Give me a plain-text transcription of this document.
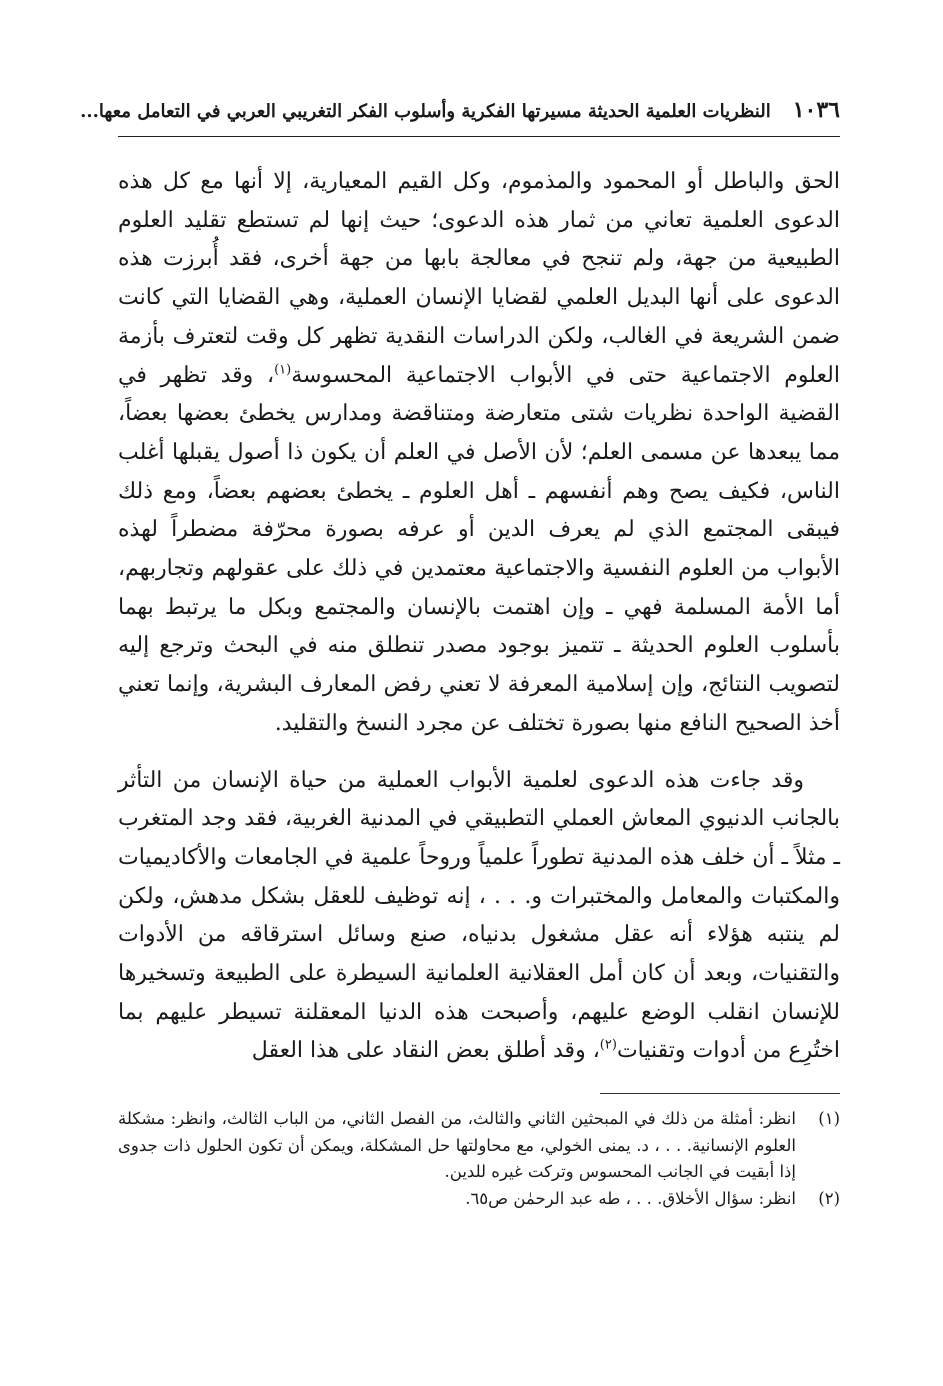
١٠٣٦
النظريات العلمية الحديثة مسيرتها الفكرية وأسلوب الفكر التغريبي العربي في التعامل معها...

الحق والباطل أو المحمود والمذموم، وكل القيم المعيارية، إلا أنها مع كل هذه الدعوى العلمية تعاني من ثمار هذه الدعوى؛ حيث إنها لم تستطع تقليد العلوم الطبيعية من جهة، ولم تنجح في معالجة بابها من جهة أخرى، فقد أُبرزت هذه الدعوى على أنها البديل العلمي لقضايا الإنسان العملية، وهي القضايا التي كانت ضمن الشريعة في الغالب، ولكن الدراسات النقدية تظهر كل وقت لتعترف بأزمة العلوم الاجتماعية حتى في الأبواب الاجتماعية المحسوسة$^{(١)}$، وقد تظهر في القضية الواحدة نظريات شتى متعارضة ومتناقضة ومدارس يخطئ بعضها بعضاً، مما يبعدها عن مسمى العلم؛ لأن الأصل في العلم أن يكون ذا أصول يقبلها أغلب الناس، فكيف يصح وهم أنفسهم ـ أهل العلوم ـ يخطئ بعضهم بعضاً، ومع ذلك فيبقى المجتمع الذي لم يعرف الدين أو عرفه بصورة محرّفة مضطراً لهذه الأبواب من العلوم النفسية والاجتماعية معتمدين في ذلك على عقولهم وتجاربهم، أما الأمة المسلمة فهي ـ وإن اهتمت بالإنسان والمجتمع وبكل ما يرتبط بهما بأسلوب العلوم الحديثة ـ تتميز بوجود مصدر تنطلق منه في البحث وترجع إليه لتصويب النتائج، وإن إسلامية المعرفة لا تعني رفض المعارف البشرية، وإنما تعني أخذ الصحيح النافع منها بصورة تختلف عن مجرد النسخ والتقليد.

وقد جاءت هذه الدعوى لعلمية الأبواب العملية من حياة الإنسان من التأثر بالجانب الدنيوي المعاش العملي التطبيقي في المدنية الغربية، فقد وجد المتغرب ـ مثلاً ـ أن خلف هذه المدنية تطوراً علمياً وروحاً علمية في الجامعات والأكاديميات والمكتبات والمعامل والمختبرات و. . . ، إنه توظيف للعقل بشكل مدهش، ولكن لم ينتبه هؤلاء أنه عقل مشغول بدنياه، صنع وسائل استرقاقه من الأدوات والتقنيات، وبعد أن كان أمل العقلانية العلمانية السيطرة على الطبيعة وتسخيرها للإنسان انقلب الوضع عليهم، وأصبحت هذه الدنيا المعقلنة تسيطر عليهم بما اختُرِع من أدوات وتقنيات$^{(٢)}$، وقد أطلق بعض النقاد على هذا العقل

(١)
انظر: أمثلة من ذلك في المبحثين الثاني والثالث، من الفصل الثاني، من الباب الثالث، وانظر: مشكلة العلوم الإنسانية. . . ، د. يمنى الخولي، مع محاولتها حل المشكلة، ويمكن أن تكون الحلول ذات جدوى إذا أبقيت في الجانب المحسوس وتركت غيره للدين.
(٢)
انظر: سؤال الأخلاق. . . ، طه عبد الرحمٰن ص٦٥.
